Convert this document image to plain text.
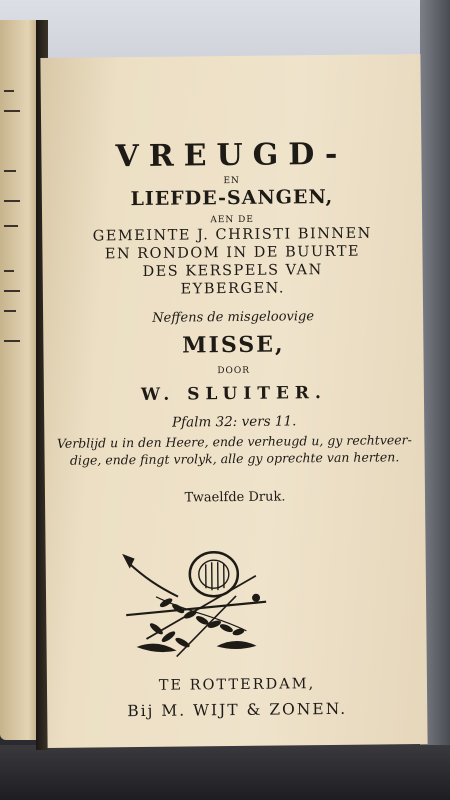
VREUGD-
EN
LIEFDE-SANGEN,
AEN DE
GEMEINTE J. CHRISTI BINNEN
EN RONDOM IN DE BUURTE
DES KERSPELS VAN
EYBERGEN.
Neffens de misgeloovige
MISSE,
DOOR
W. SLUITER.
Pfalm 32: vers 11.
Verblijd u in den Heere, ende verheugd u, gy rechtveer-
dige, ende fingt vrolyk, alle gy oprechte van herten.
Twaelfde Druk.
TE ROTTERDAM,
Bij M. WIJT & ZONEN.
